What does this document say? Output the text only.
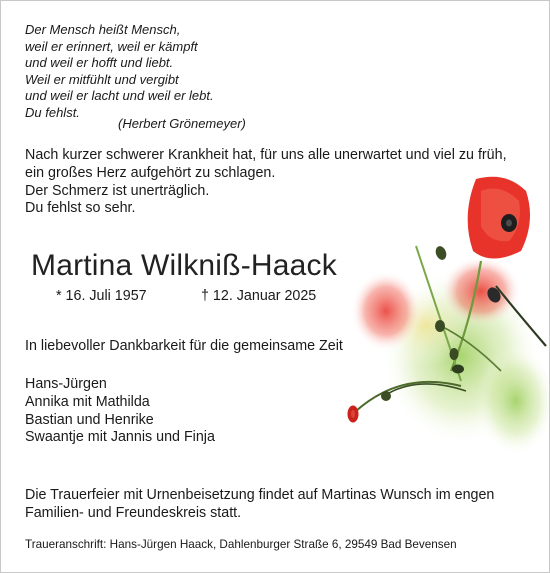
Der Mensch heißt Mensch,
weil er erinnert, weil er kämpft
und weil er hofft und liebt.
Weil er mitfühlt und vergibt
und weil er lacht und weil er lebt.
Du fehlst.
(Herbert Grönemeyer)
Nach kurzer schwerer Krankheit hat, für uns alle unerwartet und viel zu früh,
ein großes Herz aufgehört zu schlagen.
Der Schmerz ist unerträglich.
Du fehlst so sehr.
Martina Wilkniß-Haack
* 16. Juli 1957	† 12. Januar 2025
In liebevoller Dankbarkeit für die gemeinsame Zeit
Hans-Jürgen
Annika mit Mathilda
Bastian und Henrike
Swaantje mit Jannis und Finja
Die Trauerfeier mit Urnenbeisetzung findet auf Martinas Wunsch im engen
Familien- und Freundeskreis statt.
Traueranschrift: Hans-Jürgen Haack, Dahlenburger Straße 6, 29549 Bad Bevensen
